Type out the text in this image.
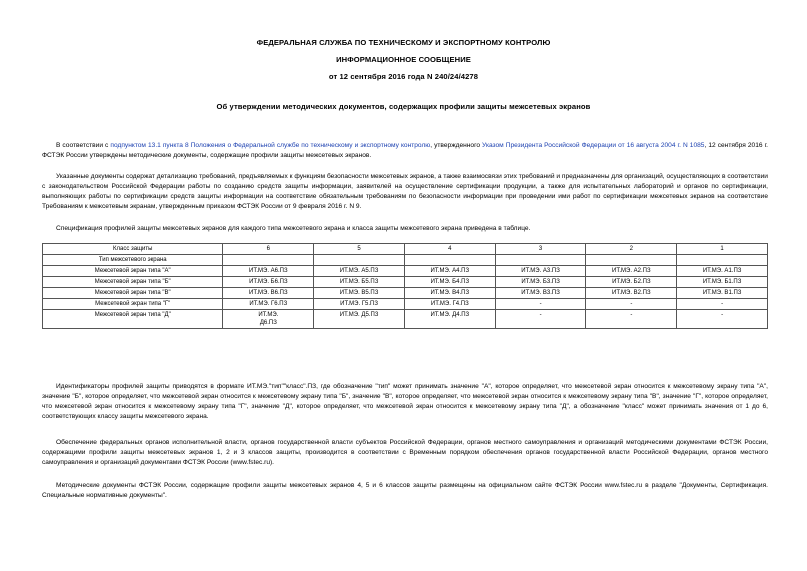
ФЕДЕРАЛЬНАЯ СЛУЖБА ПО ТЕХНИЧЕСКОМУ И ЭКСПОРТНОМУ КОНТРОЛЮ
ИНФОРМАЦИОННОЕ СООБЩЕНИЕ
от 12 сентября 2016 года N 240/24/4278
Об утверждении методических документов, содержащих профили защиты межсетевых экранов
В соответствии с подпунктом 13.1 пункта 8 Положения о Федеральной службе по техническому и экспортному контролю, утвержденного Указом Президента Российской Федерации от 16 августа 2004 г. N 1085, 12 сентября 2016 г. ФСТЭК России утверждены методические документы, содержащие профили защиты межсетевых экранов.
Указанные документы содержат детализацию требований, предъявляемых к функциям безопасности межсетевых экранов, а также взаимосвязи этих требований и предназначены для организаций, осуществляющих в соответствии с законодательством Российской Федерации работы по созданию средств защиты информации, заявителей на осуществление сертификации продукции, а также для испытательных лабораторий и органов по сертификации, выполняющих работы по сертификации средств защиты информации на соответствие обязательным требованиям по безопасности информации при проведении ими работ по сертификации межсетевых экранов на соответствие Требованиям к межсетевым экранам, утвержденным приказом ФСТЭК России от 9 февраля 2016 г. N 9.
Спецификация профилей защиты межсетевых экранов для каждого типа межсетевого экрана и класса защиты межсетевого экрана приведена в таблице.
Класс защиты	6	5	4	3	2	1
Тип межсетевого экрана						
Межсетевой экран типа "А"	ИТ.МЭ. А6.ПЗ	ИТ.МЭ. А5.ПЗ	ИТ.МЭ. А4.ПЗ	ИТ.МЭ. А3.ПЗ	ИТ.МЭ. А2.ПЗ	ИТ.МЭ. А1.ПЗ
Межсетевой экран типа "Б"	ИТ.МЭ. Б6.ПЗ	ИТ.МЭ. Б5.ПЗ	ИТ.МЭ. Б4.ПЗ	ИТ.МЭ. Б3.ПЗ	ИТ.МЭ. Б2.ПЗ	ИТ.МЭ. Б1.ПЗ
Межсетевой экран типа "В"	ИТ.МЭ. В6.ПЗ	ИТ.МЭ. В5.ПЗ	ИТ.МЭ. В4.ПЗ	ИТ.МЭ. В3.ПЗ	ИТ.МЭ. В2.ПЗ	ИТ.МЭ. В1.ПЗ
Межсетевой экран типа "Г"	ИТ.МЭ. Г6.ПЗ	ИТ.МЭ. Г5.ПЗ	ИТ.МЭ. Г4.ПЗ	-	-	-
Межсетевой экран типа "Д"	ИТ.МЭ. Д6.ПЗ	ИТ.МЭ. Д5.ПЗ	ИТ.МЭ. Д4.ПЗ	-	-	-
Идентификаторы профилей защиты приводятся в формате ИТ.МЭ."тип""класс".ПЗ, где обозначение "тип" может принимать значение "А", которое определяет, что межсетевой экран относится к межсетевому экрану типа "А", значение "Б", которое определяет, что межсетевой экран относится к межсетевому экрану типа "Б", значение "В", которое определяет, что межсетевой экран относится к межсетевому экрану типа "В", значение "Г", которое определяет, что межсетевой экран относится к межсетевому экрану типа "Г", значение "Д", которое определяет, что межсетевой экран относится к межсетевому экрану типа "Д", а обозначение "класс" может принимать значения от 1 до 6, соответствующих классу защиты межсетевого экрана.
Обеспечение федеральных органов исполнительной власти, органов государственной власти субъектов Российской Федерации, органов местного самоуправления и организаций методическими документами ФСТЭК России, содержащими профили защиты межсетевых экранов 1, 2 и 3 классов защиты, производится в соответствии с Временным порядком обеспечения органов государственной власти Российской Федерации, органов местного самоуправления и организаций документами ФСТЭК России (www.fstec.ru).
Методические документы ФСТЭК России, содержащие профили защиты межсетевых экранов 4, 5 и 6 классов защиты размещены на официальном сайте ФСТЭК России www.fstec.ru в разделе "Документы, Сертификация. Специальные нормативные документы".
